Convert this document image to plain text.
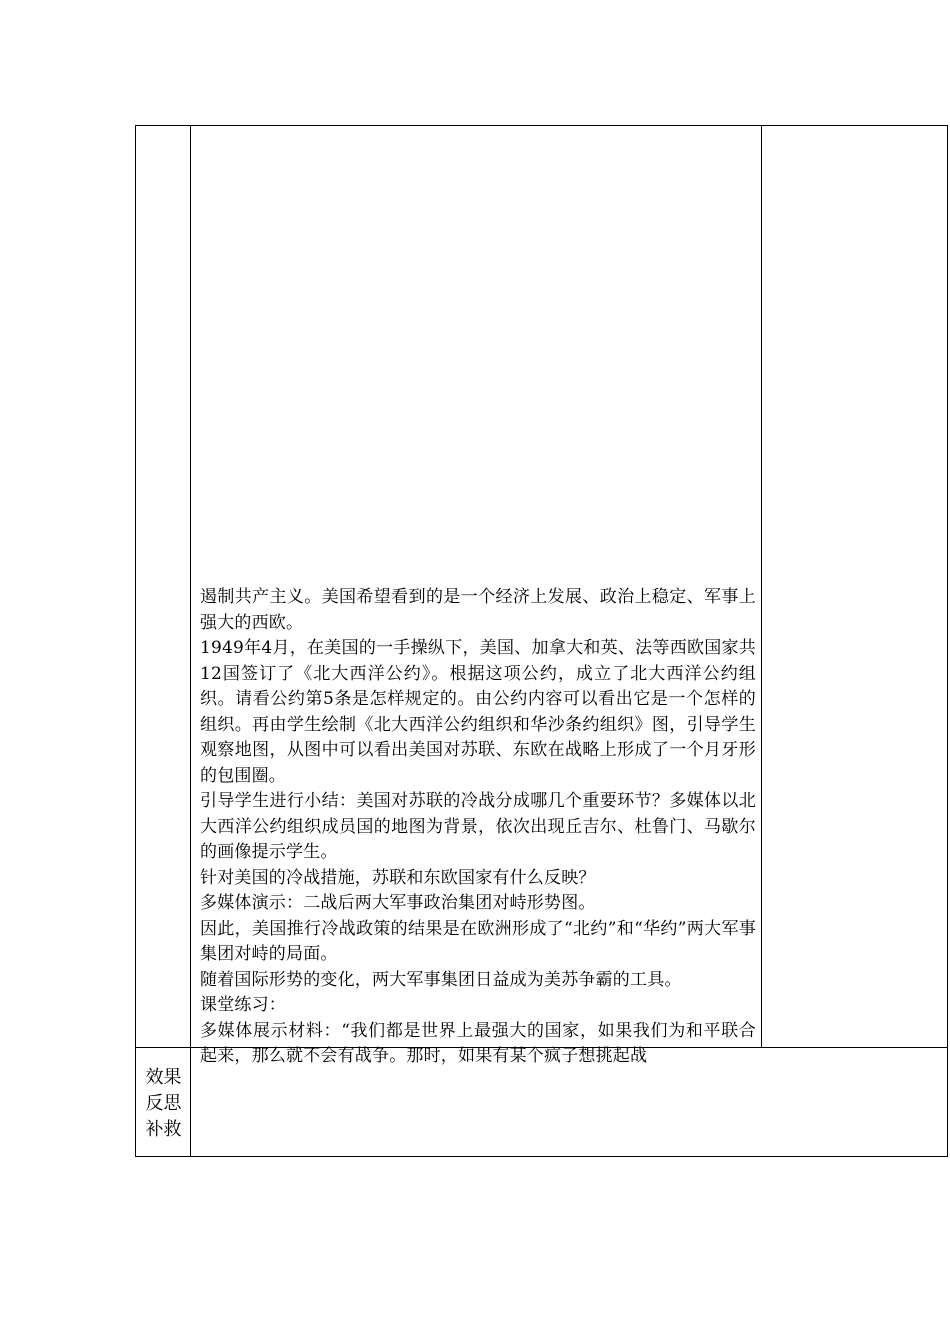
遏制共产主义。美国希望看到的是一个经济上发展、政治上稳定、军事上强大的西欧。

1949年4月，在美国的一手操纵下，美国、加拿大和英、法等西欧国家共12国签订了《北大西洋公约》。根据这项公约，成立了北大西洋公约组织。请看公约第5条是怎样规定的。由公约内容可以看出它是一个怎样的组织。再由学生绘制《北大西洋公约组织和华沙条约组织》图，引导学生观察地图，从图中可以看出美国对苏联、东欧在战略上形成了一个月牙形的包围圈。

引导学生进行小结：美国对苏联的冷战分成哪几个重要环节？多媒体以北大西洋公约组织成员国的地图为背景，依次出现丘吉尔、杜鲁门、马歇尔的画像提示学生。

针对美国的冷战措施，苏联和东欧国家有什么反映？

多媒体演示：二战后两大军事政治集团对峙形势图。

因此，美国推行冷战政策的结果是在欧洲形成了“北约”和“华约”两大军事集团对峙的局面。

随着国际形势的变化，两大军事集团日益成为美苏争霸的工具。

课堂练习：

多媒体展示材料：“我们都是世界上最强大的国家，如果我们为和平联合起来，那么就不会有战争。那时，如果有某个疯子想挑起战

效果
反思
补救
